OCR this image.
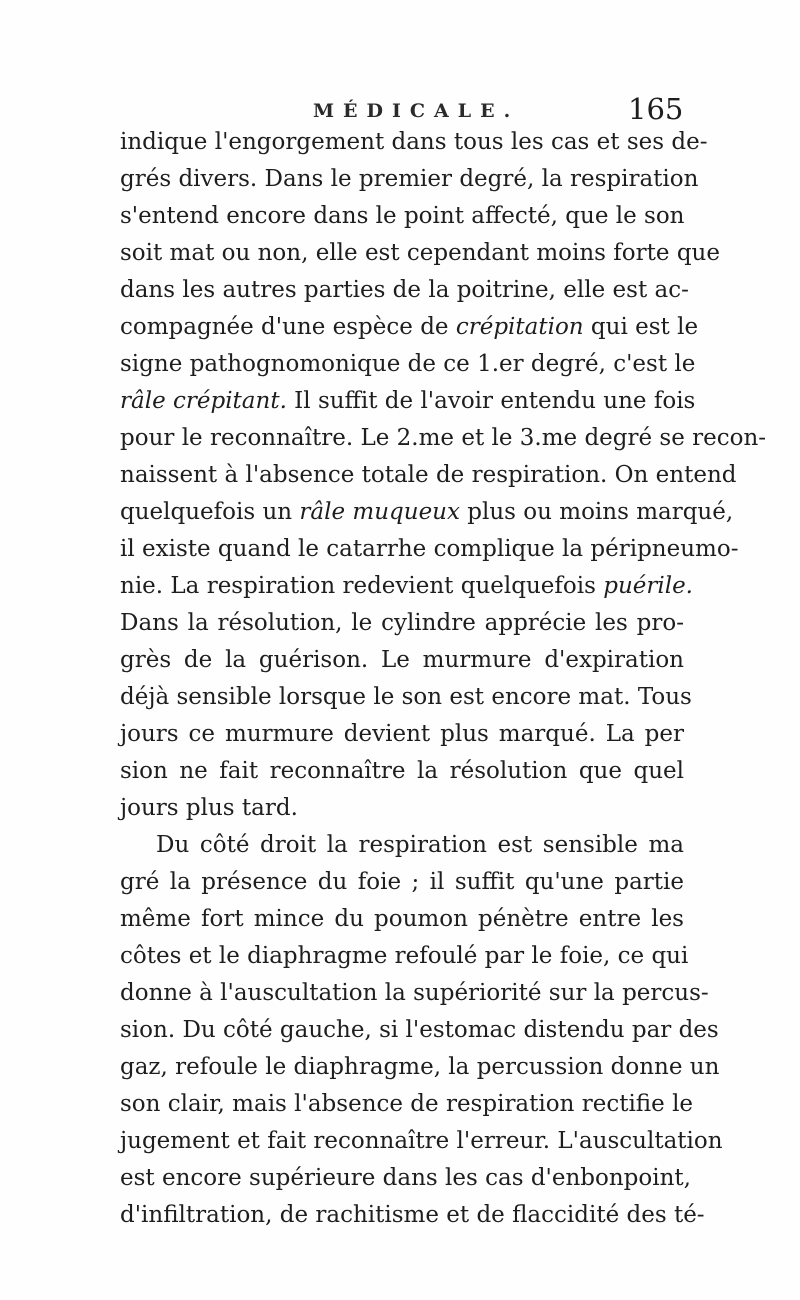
MÉDICALE.	165
indique l'engorgement dans tous les cas et ses de-
grés divers. Dans le premier degré, la respiration
s'entend encore dans le point affecté, que le son
soit mat ou non, elle est cependant moins forte que
dans les autres parties de la poitrine, elle est ac-
compagnée d'une espèce de crépitation qui est le
signe pathognomonique de ce 1.er degré, c'est le
râle crépitant. Il suffit de l'avoir entendu une fois
pour le reconnaître. Le 2.me et le 3.me degré se recon-
naissent à l'absence totale de respiration. On entend
quelquefois un râle muqueux plus ou moins marqué,
il existe quand le catarrhe complique la péripneumo-
nie. La respiration redevient quelquefois puérile.
Dans la résolution, le cylindre apprécie les pro-
grès de la guérison. Le murmure d'expiration
déjà sensible lorsque le son est encore mat. Tous
jours ce murmure devient plus marqué. La per
sion ne fait reconnaître la résolution que quel
jours plus tard.
Du côté droit la respiration est sensible ma
gré la présence du foie ; il suffit qu'une partie
même fort mince du poumon pénètre entre les
côtes et le diaphragme refoulé par le foie, ce qui
donne à l'auscultation la supériorité sur la percus-
sion. Du côté gauche, si l'estomac distendu par des
gaz, refoule le diaphragme, la percussion donne un
son clair, mais l'absence de respiration rectifie le
jugement et fait reconnaître l'erreur. L'auscultation
est encore supérieure dans les cas d'enbonpoint,
d'infiltration, de rachitisme et de flaccidité des té-
